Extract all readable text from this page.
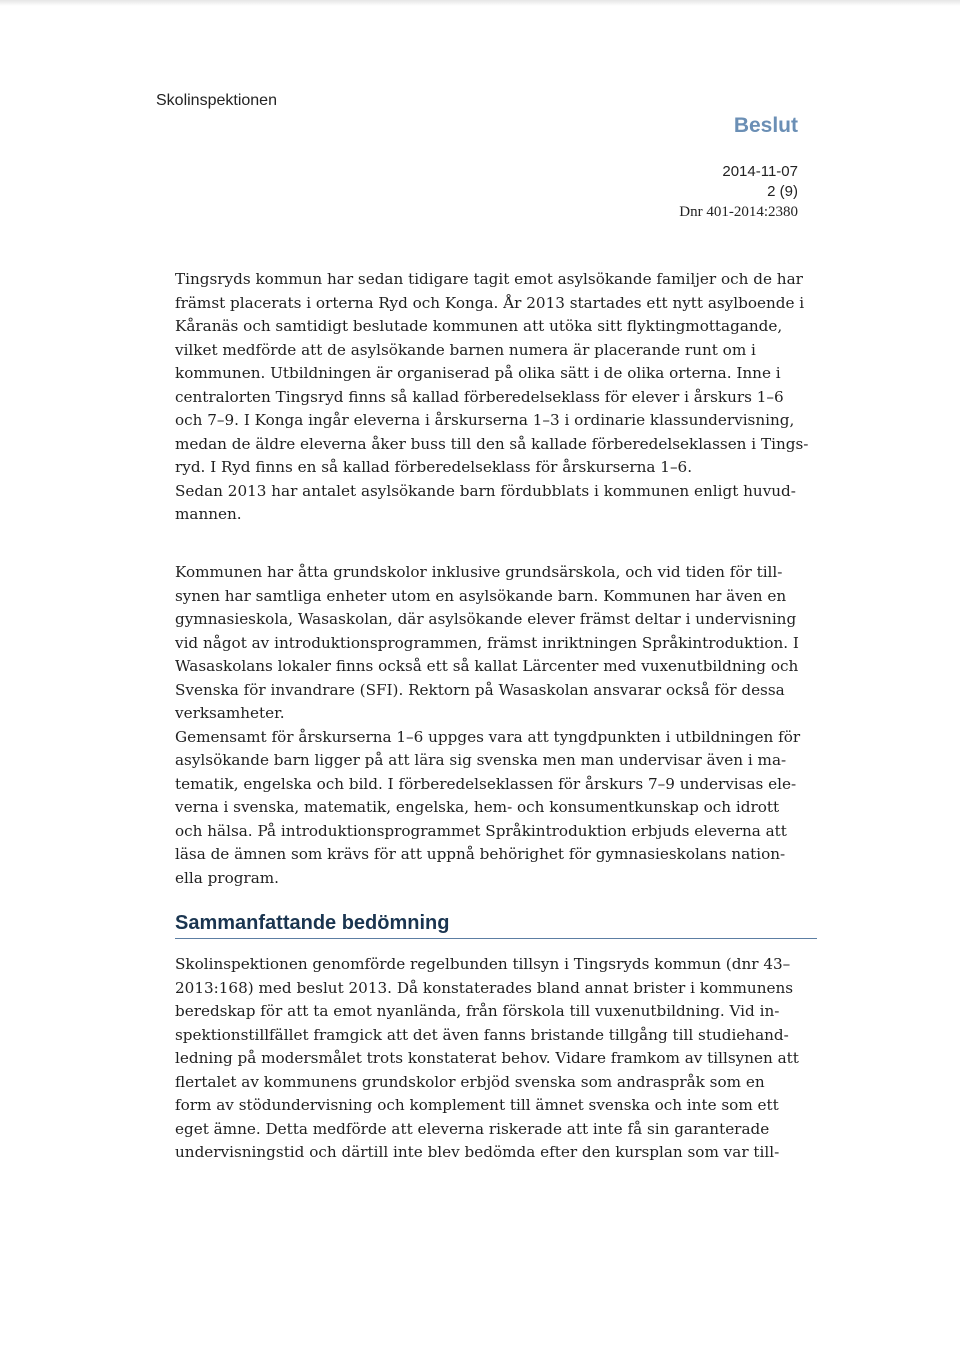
Skolinspektionen
Beslut
2014-11-07
2 (9)
Dnr 401-2014:2380
Tingsryds kommun har sedan tidigare tagit emot asylsökande familjer och de har
främst placerats i orterna Ryd och Konga. År 2013 startades ett nytt asylboende i
Kåranäs och samtidigt beslutade kommunen att utöka sitt flyktingmottagande,
vilket medförde att de asylsökande barnen numera är placerande runt om i
kommunen. Utbildningen är organiserad på olika sätt i de olika orterna. Inne i
centralorten Tingsryd finns så kallad förberedelseklass för elever i årskurs 1–6
och 7–9. I Konga ingår eleverna i årskurserna 1–3 i ordinarie klassundervisning,
medan de äldre eleverna åker buss till den så kallade förberedelseklassen i Tings-
ryd. I Ryd finns en så kallad förberedelseklass för årskurserna 1–6.
Sedan 2013 har antalet asylsökande barn fördubblats i kommunen enligt huvud-
mannen.
Kommunen har åtta grundskolor inklusive grundsärskola, och vid tiden för till-
synen har samtliga enheter utom en asylsökande barn. Kommunen har även en
gymnasieskola, Wasaskolan, där asylsökande elever främst deltar i undervisning
vid något av introduktionsprogrammen, främst inriktningen Språkintroduktion. I
Wasaskolans lokaler finns också ett så kallat Lärcenter med vuxenutbildning och
Svenska för invandrare (SFI). Rektorn på Wasaskolan ansvarar också för dessa
verksamheter.
Gemensamt för årskurserna 1–6 uppges vara att tyngdpunkten i utbildningen för
asylsökande barn ligger på att lära sig svenska men man undervisar även i ma-
tematik, engelska och bild. I förberedelseklassen för årskurs 7–9 undervisas ele-
verna i svenska, matematik, engelska, hem- och konsumentkunskap och idrott
och hälsa. På introduktionsprogrammet Språkintroduktion erbjuds eleverna att
läsa de ämnen som krävs för att uppnå behörighet för gymnasieskolans nation-
ella program.
Sammanfattande bedömning
Skolinspektionen genomförde regelbunden tillsyn i Tingsryds kommun (dnr 43–
2013:168) med beslut 2013. Då konstaterades bland annat brister i kommunens
beredskap för att ta emot nyanlända, från förskola till vuxenutbildning. Vid in-
spektionstillfället framgick att det även fanns bristande tillgång till studiehand-
ledning på modersmålet trots konstaterat behov. Vidare framkom av tillsynen att
flertalet av kommunens grundskolor erbjöd svenska som andraspråk som en
form av stödundervisning och komplement till ämnet svenska och inte som ett
eget ämne. Detta medförde att eleverna riskerade att inte få sin garanterade
undervisningstid och därtill inte blev bedömda efter den kursplan som var till-
